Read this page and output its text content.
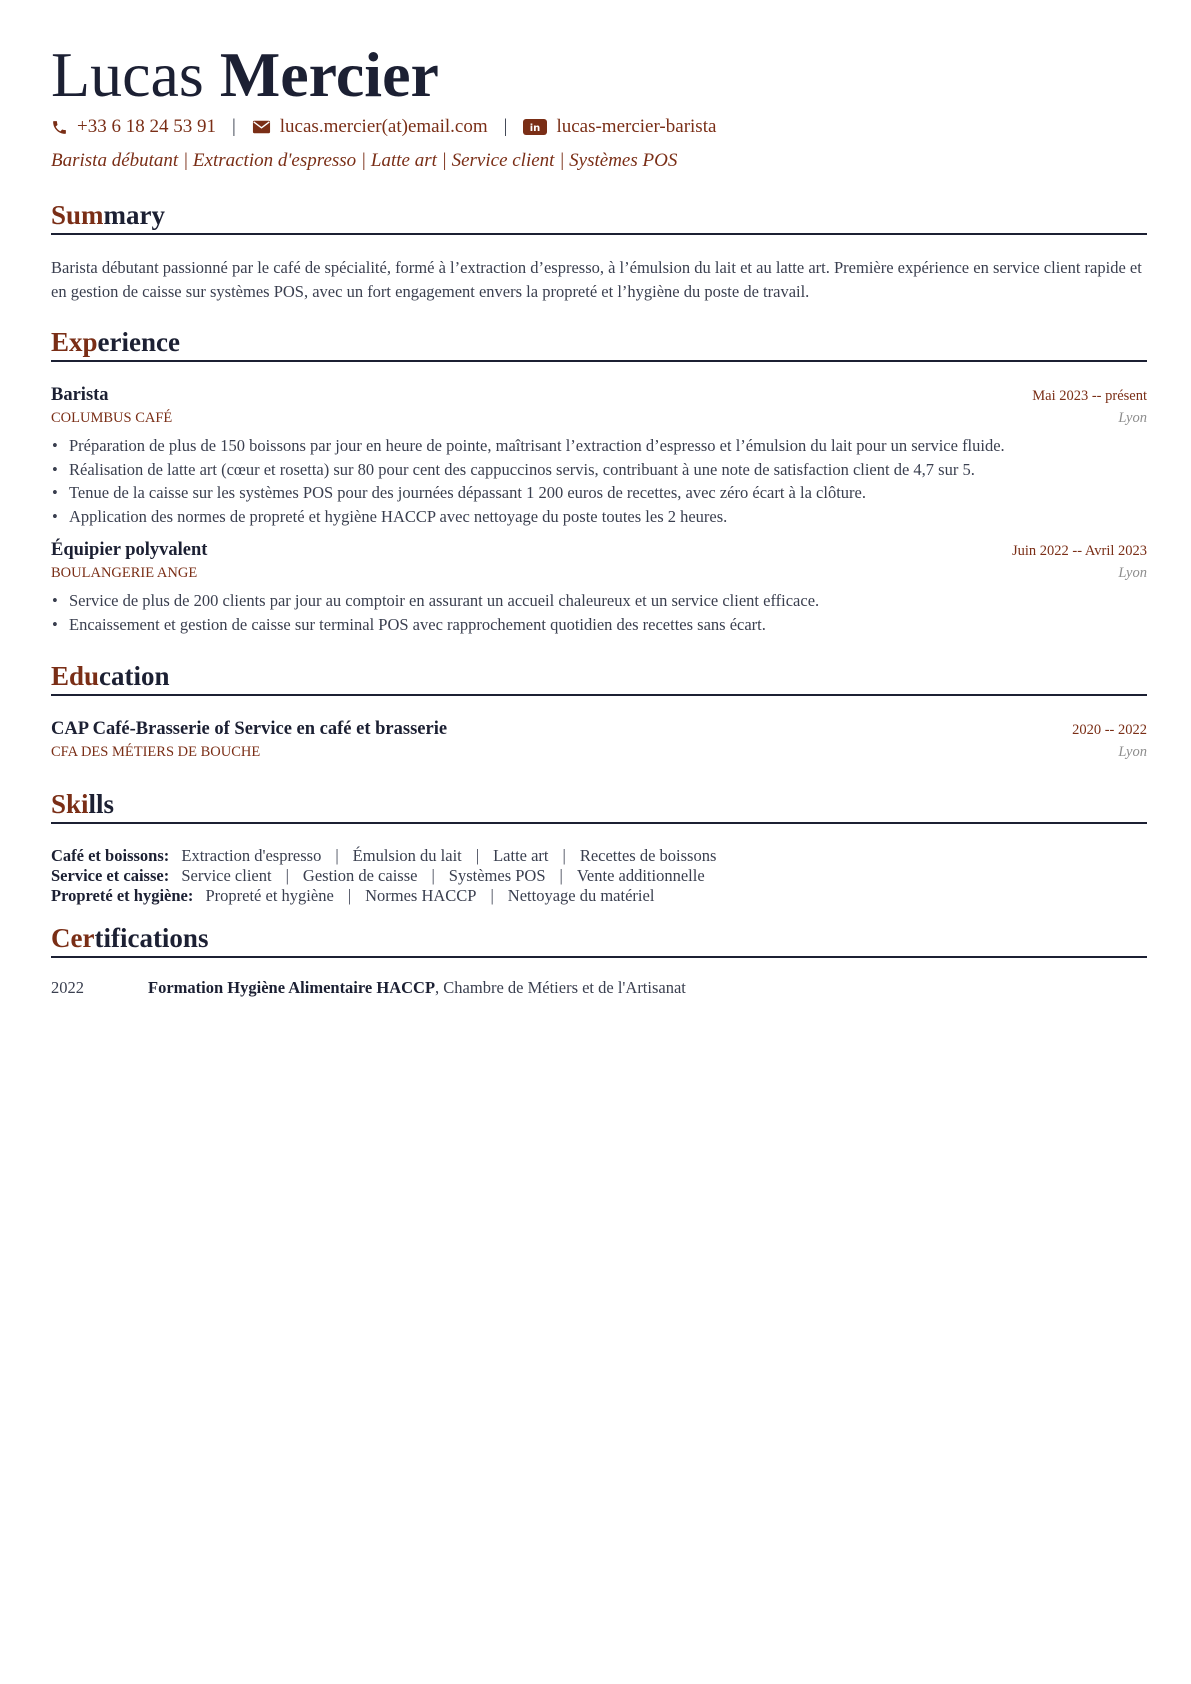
Lucas Mercier
+33 6 18 24 53 91 | lucas.mercier(at)email.com | in lucas-mercier-barista
Barista débutant | Extraction d'espresso | Latte art | Service client | Systèmes POS
Summary

Barista débutant passionné par le café de spécialité, formé à l’extraction d’espresso, à l’émulsion du lait et au latte art. Première expérience en service client rapide et en gestion de caisse sur systèmes POS, avec un fort engagement envers la propreté et l’hygiène du poste de travail.

Experience
Barista	Mai 2023 -- présent
COLUMBUS CAFÉ	Lyon
• Préparation de plus de 150 boissons par jour en heure de pointe, maîtrisant l’extraction d’espresso et l’émulsion du lait pour un service fluide.
• Réalisation de latte art (cœur et rosetta) sur 80 pour cent des cappuccinos servis, contribuant à une note de satisfaction client de 4,7 sur 5.
• Tenue de la caisse sur les systèmes POS pour des journées dépassant 1 200 euros de recettes, avec zéro écart à la clôture.
• Application des normes de propreté et hygiène HACCP avec nettoyage du poste toutes les 2 heures.
Équipier polyvalent	Juin 2022 -- Avril 2023
BOULANGERIE ANGE	Lyon
• Service de plus de 200 clients par jour au comptoir en assurant un accueil chaleureux et un service client efficace.
• Encaissement et gestion de caisse sur terminal POS avec rapprochement quotidien des recettes sans écart.
Education
CAP Café-Brasserie of Service en café et brasserie	2020 -- 2022
CFA DES MÉTIERS DE BOUCHE	Lyon
Skills
Café et boissons: Extraction d'espresso | Émulsion du lait | Latte art | Recettes de boissons
Service et caisse: Service client | Gestion de caisse | Systèmes POS | Vente additionnelle
Propreté et hygiène: Propreté et hygiène | Normes HACCP | Nettoyage du matériel
Certifications
2022	Formation Hygiène Alimentaire HACCP, Chambre de Métiers et de l'Artisanat
